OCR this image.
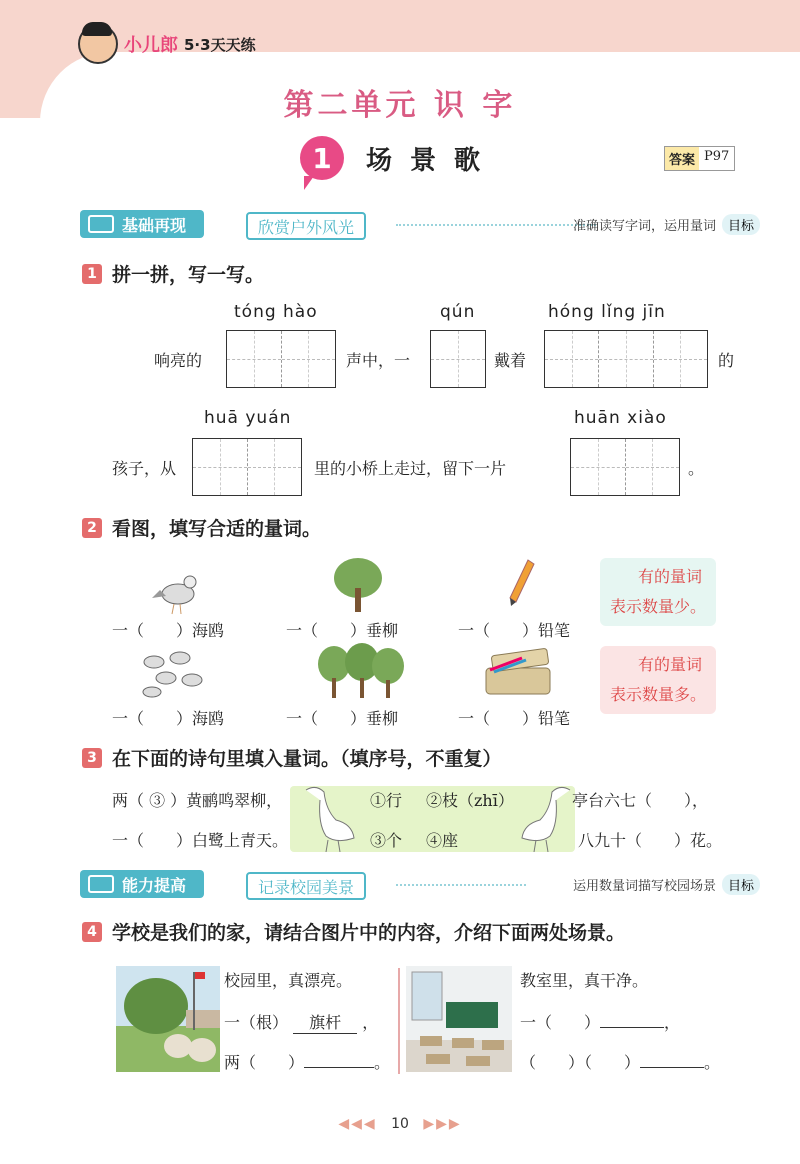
小儿郎 5·3天天练
第二单元 识 字
1	场景歌	答案 P97
基础再现	欣赏户外风光	准确读写字词，运用量词 目标
1 拼一拼，写一写。
tóng hào	qún	hóng lǐng jīn
响亮的	声中，一	戴着	的
huā yuán	huān xiào
孩子，从	里的小桥上走过，留下一片	。
2 看图，填写合适的量词。
一（　　）海鸥	一（　　）垂柳	一（　　）铅笔
有的量词
表示数量少。
一（　　）海鸥	一（　　）垂柳	一（　　）铅笔
有的量词
表示数量多。
3 在下面的诗句里填入量词。（填序号，不重复）
两（ ③ ）黄鹂鸣翠柳，	①行 ②枝（zhī）	亭台六七（　　），
一（　　）白鹭上青天。	③个 ④座	八九十（　　）花。
能力提高	记录校园美景	运用数量词描写校园场景 目标
4 学校是我们的家，请结合图片中的内容，介绍下面两处场景。
校园里，真漂亮。
一（根） 旗杆 ，
两（　　）	。
教室里，真干净。
一（　　）	，
（　　）（　　）	。
◀◀◀ 10 ▶▶▶
